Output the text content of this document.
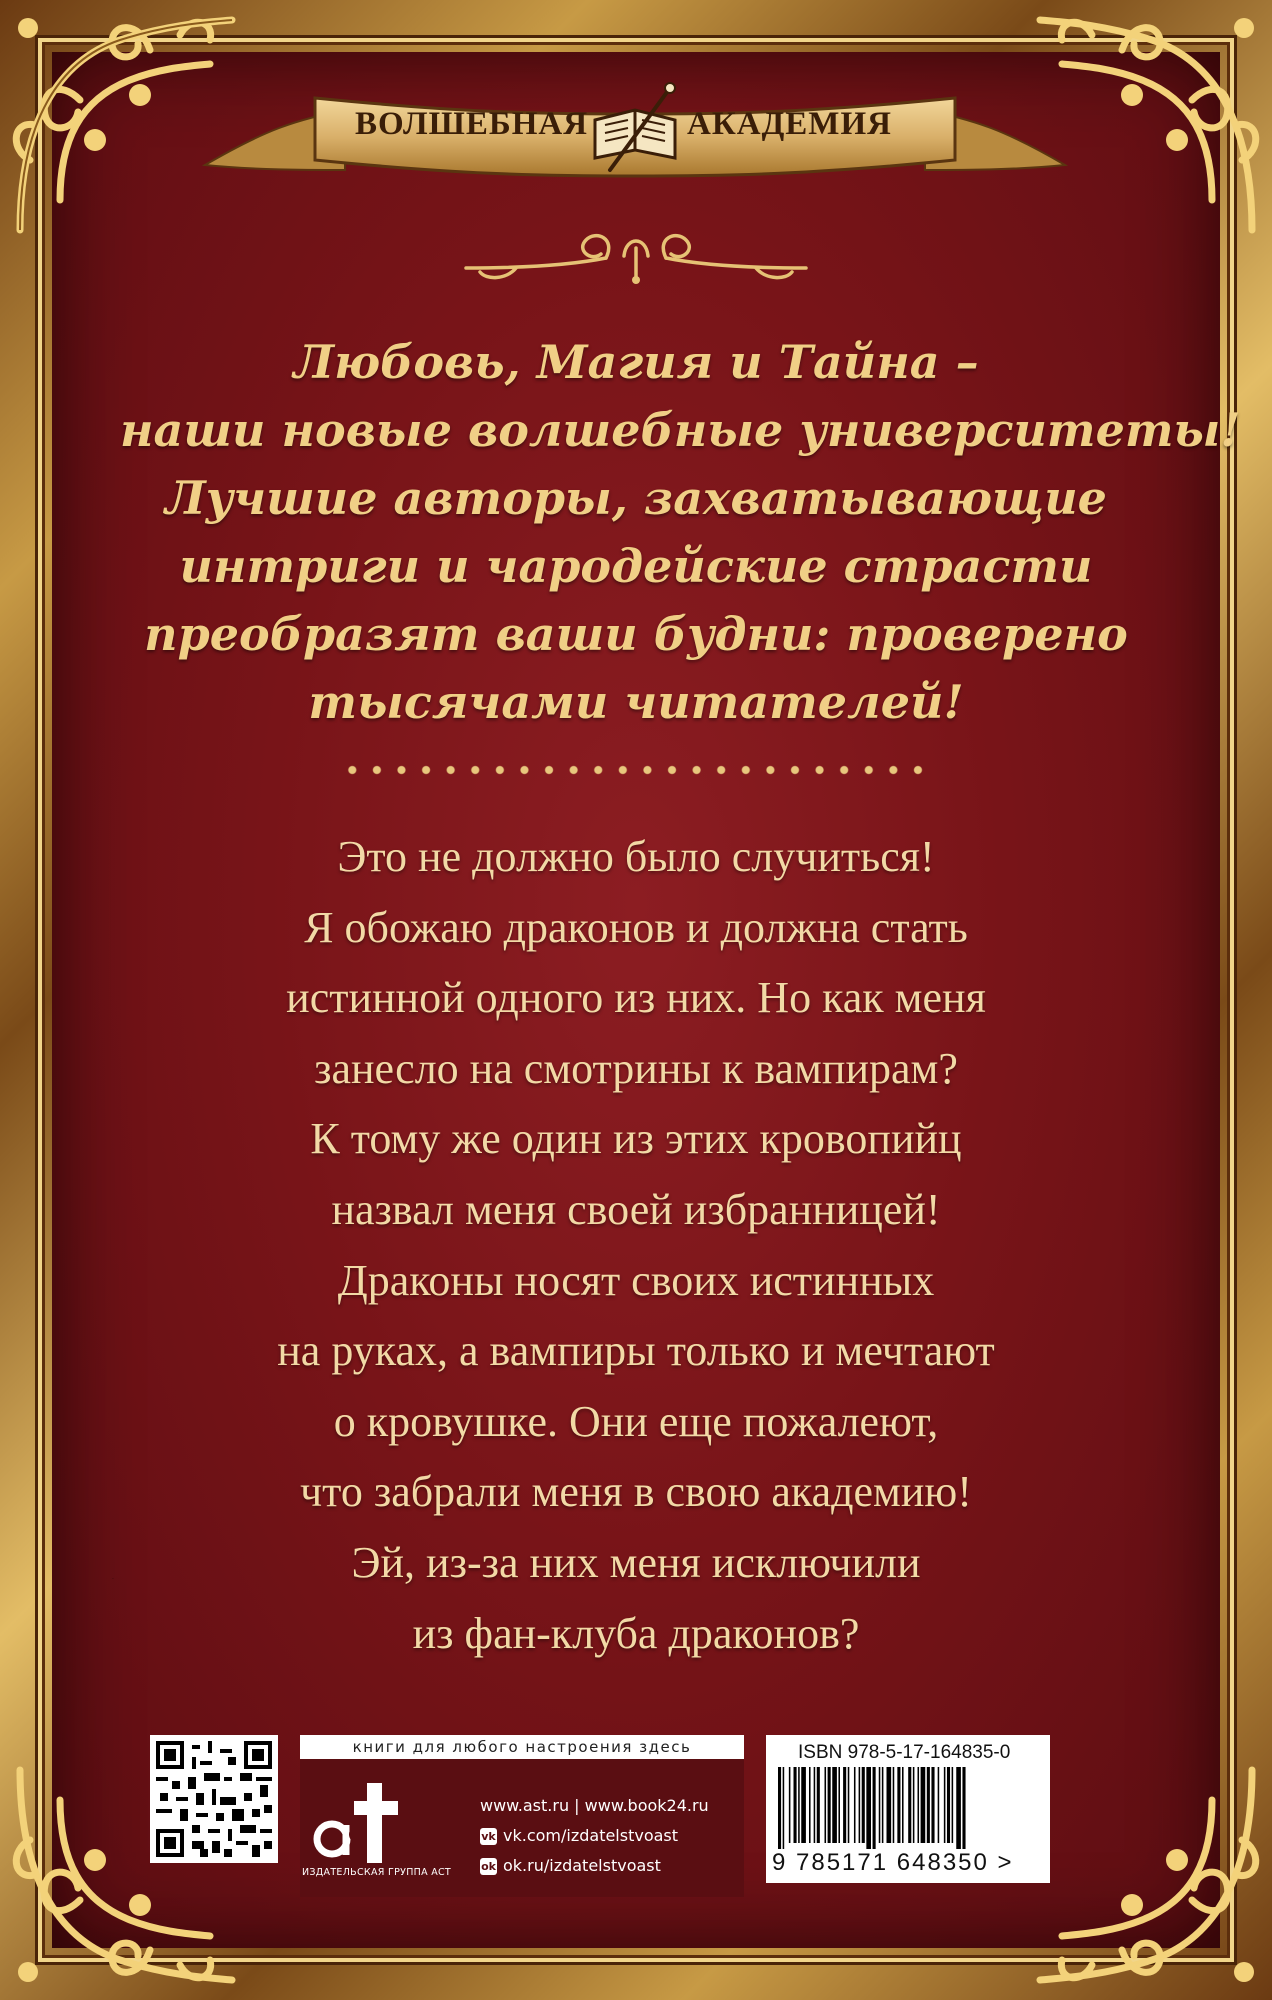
ВОЛШЕБНАЯ	АКАДЕМИЯ
Любовь, Магия и Тайна –
наши новые волшебные университеты!
Лучшие авторы, захватывающие
интриги и чародейские страсти
преобразят ваши будни: проверено
тысячами читателей!
Это не должно было случиться!
Я обожаю драконов и должна стать
истинной одного из них. Но как меня
занесло на смотрины к вампирам?
К тому же один из этих кровопийц
назвал меня своей избранницей!
Драконы носят своих истинных
на руках, а вампиры только и мечтают
о кровушке. Они еще пожалеют,
что забрали меня в свою академию!
Эй, из-за них меня исключили
из фан-клуба драконов?
книги для любого настроения здесь
аст
ИЗДАТЕЛЬСКАЯ ГРУППА АСТ
www.ast.ru | www.book24.ru
vk vk.com/izdatelstvoast
ok ok.ru/izdatelstvoast
ISBN 978-5-17-164835-0
9 785171 648350 >
